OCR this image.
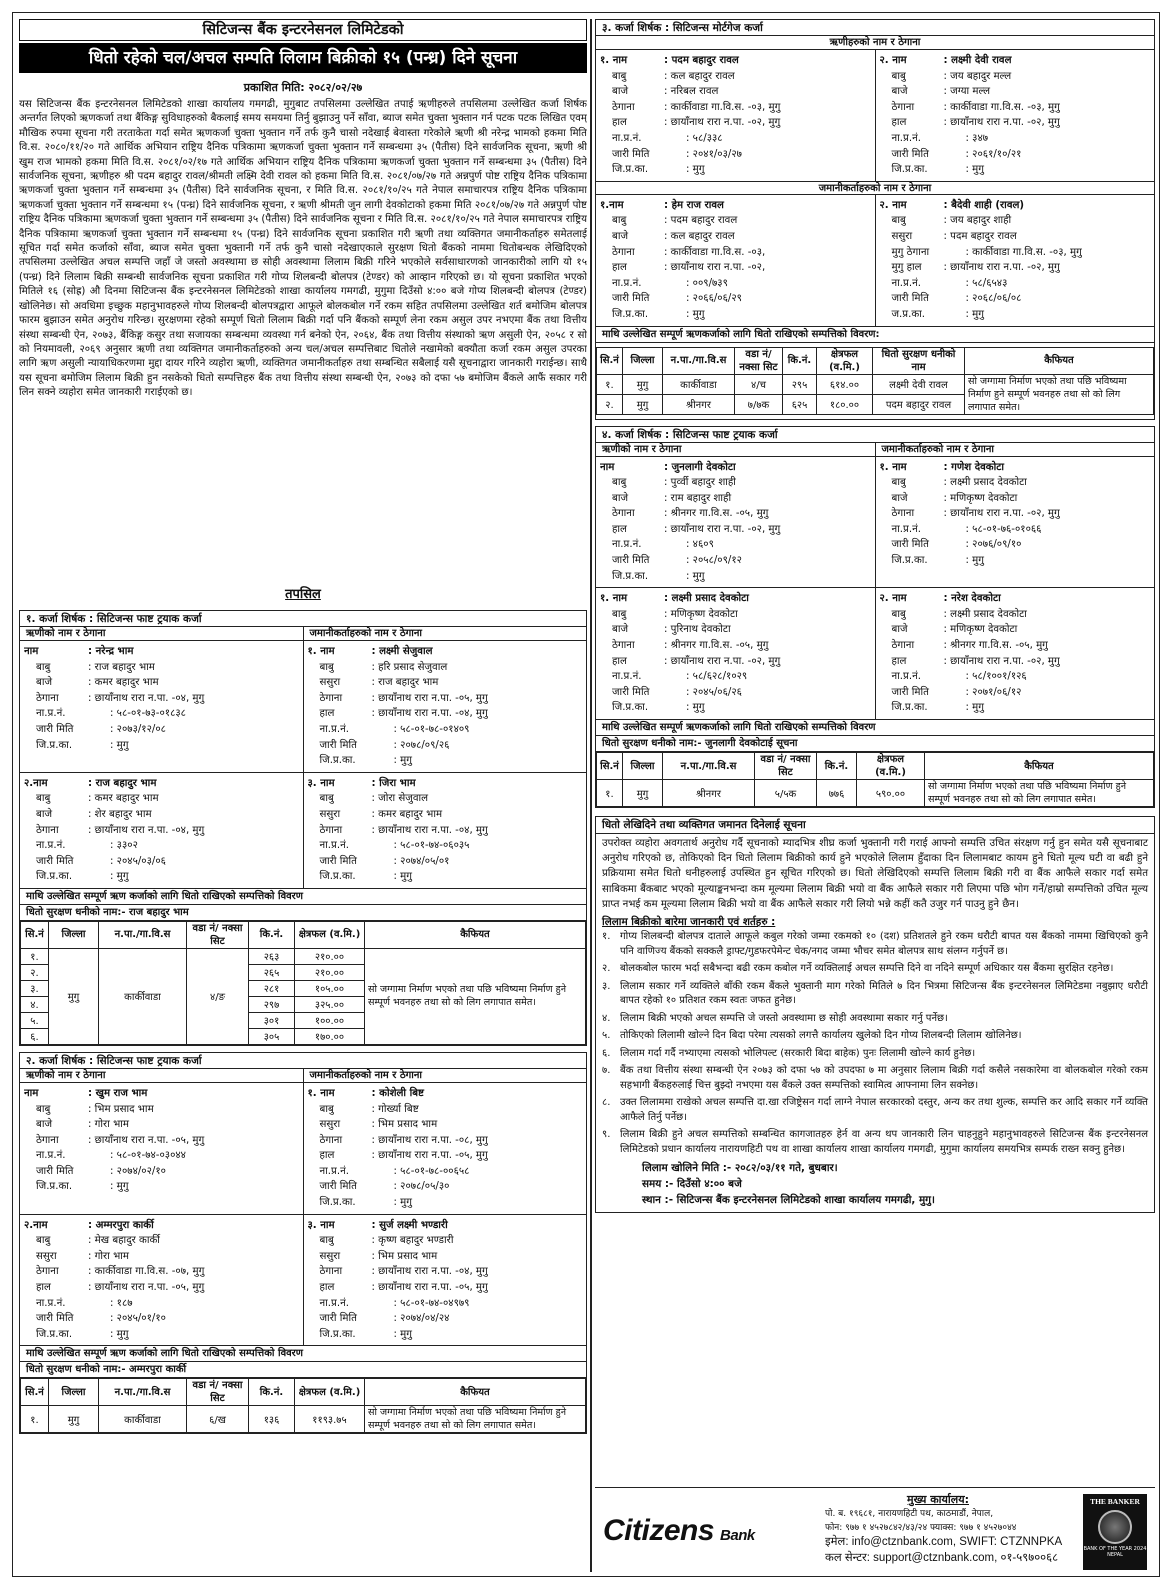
सिटिजन्स बैंक इन्टरनेसनल लिमिटेडको
धितो रहेको चल/अचल सम्पति लिलाम बिक्रीको १५ (पन्ध्र) दिने सूचना
प्रकाशित मिति: २०८२/०२/२७
यस सिटिजन्स बैंक इन्टरनेसनल लिमिटेडको शाखा कार्यालय गमगढी, मुगुबाट तपसिलमा उल्लेखित तपाई ऋणीहरुले तपसिलमा उल्लेखित कर्जा शिर्षक अन्तर्गत लिएको ऋणकर्जा तथा बैंकिङ्ग सुविधाहरुको बैकलाई समय समयमा तिर्नु बुझाउनु पर्ने साँवा, ब्याज समेत चुक्ता भुक्तान गर्न पटक पटक लिखित एवम् मौखिक रुपमा सूचना गरी तरताकेता गर्दा समेत ऋणकर्जा चुक्ता भुक्तान गर्ने तर्फ कुनै चासो नदेखाई बेवास्ता गरेकोले ऋणी श्री नरेन्द्र भामको हकमा मिति वि.स. २०८०/११/२० गते आर्थिक अभियान राष्ट्रिय दैनिक पत्रिकामा ऋणकर्जा चुक्ता भुक्तान गर्ने सम्बन्धमा ३५ (पैतीस) दिने सार्वजनिक सूचना, ऋणी श्री खुम राज भामको हकमा मिति वि.स. २०८१/०२/१७ गते आर्थिक अभियान राष्ट्रिय दैनिक पत्रिकामा ऋणकर्जा चुक्ता भुक्तान गर्ने सम्बन्धमा ३५ (पैतीस) दिने सार्वजनिक सूचना, ऋणीहरु श्री पदम बहादुर रावल/श्रीमती लक्ष्मि देवी रावल को हकमा मिति वि.स. २०८१/०७/२७ गते अन्नपुर्ण पोष्ट राष्ट्रिय दैनिक पत्रिकामा ऋणकर्जा चुक्ता भुक्तान गर्ने सम्बन्धमा ३५ (पैतीस) दिने सार्वजनिक सूचना, र मिति वि.स. २०८१/१०/२५ गते नेपाल समाचारपत्र राष्ट्रिय दैनिक पत्रिकामा ऋणकर्जा चुक्ता भुक्तान गर्ने सम्बन्धमा १५ (पन्ध्र) दिने सार्वजनिक सूचना, र ऋणी श्रीमती जुन लागी देवकोटाको हकमा मिति २०८१/०७/२७ गते अन्नपुर्ण पोष्ट राष्ट्रिय दैनिक पत्रिकामा ऋणकर्जा चुक्ता भुक्तान गर्ने सम्बन्धमा ३५ (पैतीस) दिने सार्वजनिक सूचना र मिति वि.स. २०८१/१०/२५ गते नेपाल समाचारपत्र राष्ट्रिय दैनिक पत्रिकामा ऋणकर्जा चुक्ता भुक्तान गर्ने सम्बन्धमा १५ (पन्ध्र) दिने सार्वजनिक सूचना प्रकाशित गरी ऋणी तथा व्यक्तिगत जमानीकर्ताहरु समेतलाई सूचित गर्दा समेत कर्जाको साँवा, ब्याज समेत चुक्ता भुक्तानी गर्ने तर्फ कुनै चासो नदेखाएकाले सुरक्षण धितो बैंकको नाममा धितोबन्धक लेखिदिएको तपसिलमा उल्लेखित अचल सम्पत्ति जहाँ जे जस्तो अवस्थामा छ सोही अवस्थामा लिलाम बिक्री गरिने भएकोले सर्वसाधारणको जानकारीको लागि यो १५ (पन्ध्र) दिने लिलाम बिक्री सम्बन्धी सार्वजनिक सूचना प्रकाशित गरी गोप्य शिलबन्दी बोलपत्र (टेण्डर) को आव्हान गरिएको छ। यो सूचना प्रकाशित भएको मितिले १६ (सोह्र) औ दिनमा सिटिजन्स बैंक इन्टरनेसनल लिमिटेडको शाखा कार्यालय गमगढी, मुगुमा दिउँसो ४:०० बजे गोप्य शिलबन्दी बोलपत्र (टेण्डर) खोलिनेछ। सो अवधिमा इच्छुक महानुभावहरुले गोप्य शिलबन्दी बोलपत्रद्वारा आफूले बोलकबोल गर्ने रकम सहित तपसिलमा उल्लेखित शर्त बमोजिम बोलपत्र फारम बुझाउन समेत अनुरोध गरिन्छ। सुरक्षणमा रहेको सम्पूर्ण धितो लिलाम बिक्री गर्दा पनि बैंकको सम्पूर्ण लेना रकम असुल उपर नभएमा बैंक तथा वित्तीय संस्था सम्बन्धी ऐन, २०७३, बैंकिङ्ग कसुर तथा सजायका सम्बन्धमा व्यवस्था गर्न बनेको ऐन, २०६४, बैंक तथा वित्तीय संस्थाको ऋण असुली ऐन, २०५८ र सो को नियमावली, २०६९ अनुसार ऋणी तथा व्यक्तिगत जमानीकर्ताहरुको अन्य चल/अचल सम्पत्तिबाट धितोले नखामेको बक्यौता कर्जा रकम असुल उपरका लागि ऋण असुली न्यायाधिकरणमा मुद्दा दायर गरिने व्यहोरा ऋणी, व्यक्तिगत जमानीकर्ताहरु तथा सम्बन्धित सबैलाई यसै सूचनाद्वारा जानकारी गराईन्छ। साथै यस सूचना बमोजिम लिलाम बिक्री हुन नसकेको धितो सम्पत्तिहरु बैंक तथा वित्तीय संस्था सम्बन्धी ऐन, २०७३ को दफा ५७ बमोजिम बैंकले आफैं सकार गरी लिन सक्ने व्यहोरा समेत जानकारी गराईएको छ।
तपसिल
१. कर्जा शिर्षक : सिटिजन्स फाष्ट ट्रयाक कर्जा
ऋणीको नाम र ठेगाना
नाम	: नरेन्द्र भाम
बाबु	: राज बहादुर भाम
बाजे	: कमर बहादुर भाम
ठेगाना	: छायाँनाथ रारा न.पा. -०४, मुगु
ना.प्र.नं.	: ५८-०१-७३-०१८३८
जारी मिति	: २०७३/१२/०८
जि.प्र.का.	: मुगु
जमानीकर्ताहरुको नाम र ठेगाना
१. नाम	: लक्ष्मी सेजुवाल
बाबु	: हरि प्रसाद सेजुवाल
ससुरा	: राज बहादुर भाम
ठेगाना	: छायाँनाथ रारा न.पा. -०५, मुगु
हाल	: छायाँनाथ रारा न.पा. -०४, मुगु
ना.प्र.नं.	: ५८-०१-७८-०१४०९
जारी मिति	: २०७८/०९/२६
जि.प्र.का.	: मुगु
२.नाम	: राज बहादुर भाम
बाबु	: कमर बहादुर भाम
बाजे	: शेर बहादुर भाम
ठेगाना	: छायाँनाथ रारा न.पा. -०४, मुगु
ना.प्र.नं.	: ३३०२
जारी मिति	: २०४५/०३/०६
जि.प्र.का.	: मुगु
३. नाम	: जिरा भाम
बाबु	: जोरा सेजुवाल
ससुरा	: कमर बहादुर भाम
ठेगाना	: छायाँनाथ रारा न.पा. -०४, मुगु
ना.प्र.नं.	: ५८-०१-७४-०६०३५
जारी मिति	: २०७४/०५/०१
जि.प्र.का.	: मुगु
माथि उल्लेखित सम्पूर्ण ऋण कर्जाको लागि धितो राखिएको सम्पत्तिको विवरण
धितो सुरक्षण धनीको नाम:- राज बहादुर भाम
सि.नं	जिल्ला	न.पा./गा.वि.स	वडा नं/ नक्सा सिट	कि.नं.	क्षेत्रफल (व.मि.)	कैफियत
१.	मुगु	कार्कीवाडा	४/ङ	२६३	२१०.००	सो जग्गामा निर्माण भएको तथा पछि भविष्यमा निर्माण हुने सम्पूर्ण भवनहरु तथा सो को लिग लगापात समेत।
२.				२६५	२१०.००	
३.				२८१	१०५.००	
४.				२९७	३२५.००	
५.				३०१	१००.००	
६.				३०५	१७०.००	
२. कर्जा शिर्षक : सिटिजन्स फाष्ट ट्रयाक कर्जा
ऋणीको नाम र ठेगाना
नाम	: खुम राज भाम
बाबु	: भिम प्रसाद भाम
बाजे	: गोरा भाम
ठेगाना	: छायाँनाथ रारा न.पा. -०५, मुगु
ना.प्र.नं.	: ५८-०१-७४-०३०४४
जारी मिति	: २०७४/०२/१०
जि.प्र.का.	: मुगु
जमानीकर्ताहरुको नाम र ठेगाना
१. नाम	: कोशेली बिष्ट
बाबु	: गोर्ख्या बिष्ट
ससुरा	: भिम प्रसाद भाम
ठेगाना	: छायाँनाथ रारा न.पा. -०८, मुगु
हाल	: छायाँनाथ रारा न.पा. -०५, मुगु
ना.प्र.नं.	: ५८-०१-७८-००६५८
जारी मिति	: २०७८/०५/३०
जि.प्र.का.	: मुगु
२.नाम	: अम्मरपुरा कार्की
बाबु	: मेख बहादुर कार्की
ससुरा	: गोरा भाम
ठेगाना	: कार्कीवाडा गा.वि.स. -०७, मुगु
हाल	: छायाँनाथ रारा न.पा. -०५, मुगु
ना.प्र.नं.	: १८७
जारी मिति	: २०४५/०१/१०
जि.प्र.का.	: मुगु
३. नाम	: सुर्ज लक्ष्मी भण्डारी
बाबु	: कृष्ण बहादुर भण्डारी
ससुरा	: भिम प्रसाद भाम
ठेगाना	: छायाँनाथ रारा न.पा. -०४, मुगु
हाल	: छायाँनाथ रारा न.पा. -०५, मुगु
ना.प्र.नं.	: ५८-०१-७४-०४९७९
जारी मिति	: २०७४/०४/२४
जि.प्र.का.	: मुगु
माथि उल्लेखित सम्पूर्ण ऋण कर्जाको लागि धितो राखिएको सम्पत्तिको विवरण
धितो सुरक्षण धनीको नाम:- अम्मरपुरा कार्की
सि.नं	जिल्ला	न.पा./गा.वि.स	वडा नं/ नक्सा सिट	कि.नं.	क्षेत्रफल (व.मि.)	कैफियत
१.	मुगु	कार्कीवाडा	६/ख	१३६	११९३.७५	सो जग्गामा निर्माण भएको तथा पछि भविष्यमा निर्माण हुने सम्पूर्ण भवनहरु तथा सो को लिग लगापात समेत।
३. कर्जा शिर्षक : सिटिजन्स मोर्टगेज कर्जा
ऋणीहरुको नाम र ठेगाना
१. नाम	: पदम बहादुर रावल
बाबु	: कल बहादुर रावल
बाजे	: नरिबल रावल
ठेगाना	: कार्कीवाडा गा.वि.स. -०३, मुगु
हाल	: छायाँनाथ रारा न.पा. -०२, मुगु
ना.प्र.नं.	: ५८/३३८
जारी मिति	: २०४१/०३/२७
जि.प्र.का.	: मुगु
२. नाम	: लक्ष्मी देवी रावल
बाबु	: जय बहादुर मल्ल
बाजे	: जग्या मल्ल
ठेगाना	: कार्कीवाडा गा.वि.स. -०३, मुगु
हाल	: छायाँनाथ रारा न.पा. -०२, मुगु
ना.प्र.नं.	: ३४७
जारी मिति	: २०६१/१०/२१
जि.प्र.का.	: मुगु
जमानीकर्ताहरुको नाम र ठेगाना
१.नाम	: हेम राज रावल
बाबु	: पदम बहादुर रावल
बाजे	: कल बहादुर रावल
ठेगाना	: कार्कीवाडा गा.वि.स. -०३,
हाल	: छायाँनाथ रारा न.पा. -०२,
ना.प्र.नं.	: ००९/७३९
जारी मिति	: २०६६/०६/२९
जि.प्र.का.	: मुगु
२. नाम	: बैदेवी शाही (रावल)
बाबु	: जय बहादुर शाही
ससुरा	: पदम बहादुर रावल
मुगु ठेगाना	: कार्कीवाडा गा.वि.स. -०३, मुगु
मुगु हाल	: छायाँनाथ रारा न.पा. -०२, मुगु
ना.प्र.नं.	: ५८/६५४३
जारी मिति	: २०६८/०६/०८
ज.प्र.का.	: मुगु
माथि उल्लेखित सम्पूर्ण ऋणकर्जाको लागि धितो राखिएको सम्पत्तिको विवरण:
सि.नं	जिल्ला	न.पा./गा.वि.स	वडा नं/ नक्सा सिट	कि.नं.	क्षेत्रफल (व.मि.)	धितो सुरक्षण धनीको नाम	कैफियत
१.	मुगु	कार्कीवाडा	४/च	२९५	६१४.००	लक्ष्मी देवी रावल	सो जग्गामा निर्माण भएको तथा पछि भविष्यमा निर्माण हुने सम्पूर्ण भवनहरु तथा सो को लिग लगापात समेत।
२.	मुगु	श्रीनगर	७/७क	६२५	१८०.००	पदम बहादुर रावल	
४. कर्जा शिर्षक : सिटिजन्स फाष्ट ट्रयाक कर्जा
ऋणीको नाम र ठेगाना
नाम	: जुनलागी देवकोटा
बाबु	: पुर्व्वी बहादुर शाही
बाजे	: राम बहादुर शाही
ठेगाना	: श्रीनगर गा.वि.स. -०५, मुगु
हाल	: छायाँनाथ रारा न.पा. -०२, मुगु
ना.प्र.नं.	: ४६०९
जारी मिति	: २०५८/०९/१२
जि.प्र.का.	: मुगु
जमानीकर्ताहरुको नाम र ठेगाना
१. नाम	: गणेश देवकोटा
बाबु	: लक्ष्मी प्रसाद देवकोटा
बाजे	: मणिकृष्ण देवकोटा
ठेगाना	: छायाँनाथ रारा न.पा. -०२, मुगु
ना.प्र.नं.	: ५८-०१-७६-०१०६६
जारी मिति	: २०७६/०९/१०
जि.प्र.का.	: मुगु
१. नाम	: लक्ष्मी प्रसाद देवकोटा
बाबु	: मणिकृष्ण देवकोटा
बाजे	: पुरिनाथ देवकोटा
ठेगाना	: श्रीनगर गा.वि.स. -०५, मुगु
हाल	: छायाँनाथ रारा न.पा. -०२, मुगु
ना.प्र.नं.	: ५८/६२८/१०२९
जारी मिति	: २०४५/०६/२६
जि.प्र.का.	: मुगु
२. नाम	: नरेश देवकोटा
बाबु	: लक्ष्मी प्रसाद देवकोटा
बाजे	: मणिकृष्ण देवकोटा
ठेगाना	: श्रीनगर गा.वि.स. -०५, मुगु
हाल	: छायाँनाथ रारा न.पा. -०२, मुगु
ना.प्र.नं.	: ५८/१००१/१२६
जारी मिति	: २०७१/०६/१२
जि.प्र.का.	: मुगु
माथि उल्लेखित सम्पूर्ण ऋणकर्जाको लागि धितो राखिएको सम्पत्तिको विवरण
धितो सुरक्षण धनीको नाम:- जुनलागी देवकोटाई सूचना
सि.नं	जिल्ला	न.पा./गा.वि.स	वडा नं/ नक्सा सिट	कि.नं.	क्षेत्रफल (व.मि.)	कैफियत
१.	मुगु	श्रीनगर	५/५क	७७६	५९०.००	सो जग्गामा निर्माण भएको तथा पछि भविष्यमा निर्माण हुने सम्पूर्ण भवनहरु तथा सो को लिग लगापात समेत।
धितो लेखिदिने तथा व्यक्तिगत जमानत दिनेलाई सूचना
उपरोक्त व्यहोरा अवगतार्थ अनुरोध गर्दै सूचनाको म्यादभित्र शीघ्र कर्जा भुक्तानी गरी गराई आफ्नो सम्पत्ति उचित संरक्षण गर्नु हुन समेत यसै सूचनाबाट अनुरोध गरिएको छ, तोकिएको दिन धितो लिलाम बिक्रीको कार्य हुने भएकोले लिलाम हुँदाका दिन लिलामबाट कायम हुने धितो मूल्य घटी वा बढी हुने प्रक्रियामा समेत धितो धनीहरुलाई उपस्थित हुन सूचित गरिएको छ। धितो लेखिदिएको सम्पत्ति लिलाम बिक्री गरी वा बैंक आफैले सकार गर्दा समेत साबिकमा बैंकबाट भएको मूल्याङ्कनभन्दा कम मूल्यमा लिलाम बिक्री भयो वा बैंक आफैले सकार गरी लिएमा पछि भोग गर्ने/हाम्रो सम्पत्तिको उचित मूल्य प्राप्त नभई कम मूल्यमा लिलाम बिक्री भयो वा बैंक आफैले सकार गरी लियो भन्ने कहीं कतै उजुर गर्न पाउनु हुने छैन।
लिलाम बिक्रीको बारेमा जानकारी एवं शर्तहरु :
१. गोप्य शिलबन्दी बोलपत्र दाताले आफूले कबुल गरेको जम्मा रकमको १० (दश) प्रतिशतले हुने रकम धरौटी बापत यस बैंकको नाममा खिचिएको कुनै पनि वाणिज्य बैंकको सक्कलै ड्राफ्ट/गुडफरपेमेन्ट चेक/नगद जम्मा भौचर समेत बोलपत्र साथ संलग्न गर्नुपर्ने छ।
२. बोलकबोल फारम भर्दा सबैभन्दा बढी रकम कबोल गर्ने व्यक्तिलाई अचल सम्पत्ति दिने वा नदिने सम्पूर्ण अधिकार यस बैंकमा सुरक्षित रहनेछ।
३. लिलाम सकार गर्ने व्यक्तिले बाँकी रकम बैंकले भुक्तानी माग गरेको मितिले ७ दिन भित्रमा सिटिजन्स बैंक इन्टरनेसनल लिमिटेडमा नबुझाए धरौटी बापत रहेको १० प्रतिशत रकम स्वतः जफत हुनेछ।
४. लिलाम बिक्री भएको अचल सम्पत्ति जे जस्तो अवस्थामा छ सोही अवस्थामा सकार गर्नु पर्नेछ।
५. तोकिएको लिलामी खोल्ने दिन बिदा परेमा त्यसको लगत्तै कार्यालय खुलेको दिन गोप्य शिलबन्दी लिलाम खोलिनेछ।
६. लिलाम गर्दा गर्दै नभ्याएमा त्यसको भोलिपल्ट (सरकारी बिदा बाहेक) पुनः लिलामी खोल्ने कार्य हुनेछ।
७. बैंक तथा वित्तीय संस्था सम्बन्धी ऐन २०७३ को दफा ५७ को उपदफा ७ मा अनुसार लिलाम बिक्री गर्दा कसैले नसकारेमा वा बोलकबोल गरेको रकम सहभागी बैंकहरुलाई चित्त बुझ्दो नभएमा यस बैंकले उक्त सम्पत्तिको स्वामित्व आफ्नामा लिन सक्नेछ।
८. उक्त लिलाममा राखेको अचल सम्पत्ति दा.खा रजिष्ट्रेसन गर्दा लाग्ने नेपाल सरकारको दस्तुर, अन्य कर तथा शुल्क, सम्पत्ति कर आदि सकार गर्ने व्यक्ति आफैले तिर्नु पर्नेछ।
९. लिलाम बिक्री हुने अचल सम्पत्तिको सम्बन्धित कागजातहरु हेर्न वा अन्य थप जानकारी लिन चाहनुहुने महानुभावहरुले सिटिजन्स बैंक इन्टरनेसनल लिमिटेडको प्रधान कार्यालय नारायणहिटी पथ वा शाखा कार्यालय शाखा कार्यालय गमगढी, मुगुमा कार्यालय समयभित्र सम्पर्क राख्न सक्नु हुनेछ।
लिलाम खोलिने मिति :- २०८२/०३/११ गते, बुधबार।
समय :- दिउँसो ४:०० बजे
स्थान :- सिटिजन्स बैंक इन्टरनेसनल लिमिटेडको शाखा कार्यालय गमगढी, मुगु।
Citizens Bank
मुख्य कार्यालय:
पो. ब. १९६८१, नारायणहिटी पथ, काठमाडौं, नेपाल,
फोन: ९७७ १ ४५२७८४२/४३/२४ फ्याक्स: ९७७ १ ४५२७०४४
इमेल: info@ctznbank.com, SWIFT: CTZNNPKA
कल सेन्टर: support@ctznbank.com, ०१-५९७००६८
THE BANKER
BANK OF THE YEAR 2024 NEPAL
